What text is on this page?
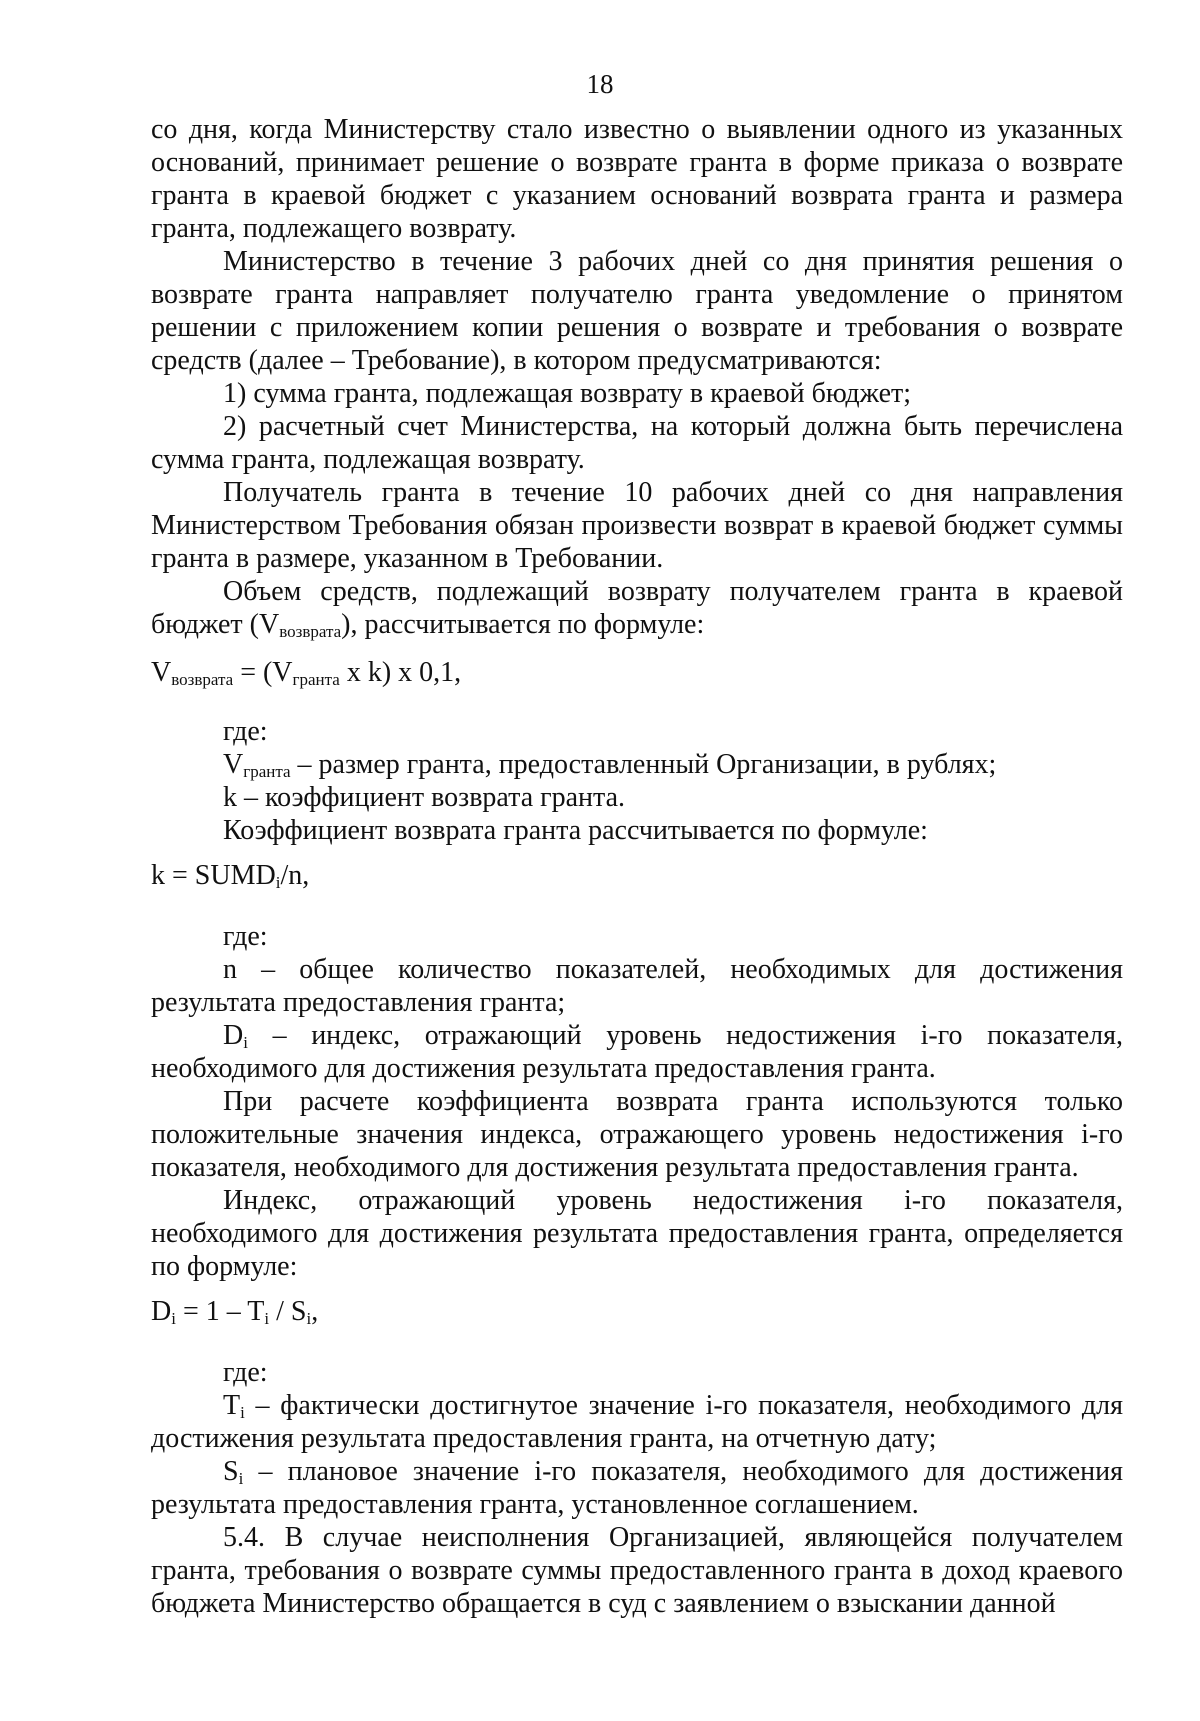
18

со дня, когда Министерству стало известно о выявлении одного из указанных оснований, принимает решение о возврате гранта в форме приказа о возврате гранта в краевой бюджет с указанием оснований возврата гранта и размера гранта, подлежащего возврату.

Министерство в течение 3 рабочих дней со дня принятия решения о возврате гранта направляет получателю гранта уведомление о принятом решении с приложением копии решения о возврате и требования о возврате средств (далее – Требование), в котором предусматриваются:

1) сумма гранта, подлежащая возврату в краевой бюджет;

2) расчетный счет Министерства, на который должна быть перечислена сумма гранта, подлежащая возврату.

Получатель гранта в течение 10 рабочих дней со дня направления Министерством Требования обязан произвести возврат в краевой бюджет суммы гранта в размере, указанном в Требовании.

Объем средств, подлежащий возврату получателем гранта в краевой бюджет $(V_{возврата})$, рассчитывается по формуле:

$V_{возврата} = (V_{гранта}$ x k) x 0,1,

где:

$V_{гранта}$ – размер гранта, предоставленный Организации, в рублях;

k – коэффициент возврата гранта.

Коэффициент возврата гранта рассчитывается по формуле:

$k = SUMD_i/n$,

где:

n – общее количество показателей, необходимых для достижения результата предоставления гранта;

$D_i$ – индекс, отражающий уровень недостижения i-го показателя, необходимого для достижения результата предоставления гранта.

При расчете коэффициента возврата гранта используются только положительные значения индекса, отражающего уровень недостижения i-го показателя, необходимого для достижения результата предоставления гранта.

Индекс, отражающий уровень недостижения i-го показателя, необходимого для достижения результата предоставления гранта, определяется по формуле:

$D_i = 1 - T_i / S_i$,

где:

$T_i$ – фактически достигнутое значение i-го показателя, необходимого для достижения результата предоставления гранта, на отчетную дату;

$S_i$ – плановое значение i-го показателя, необходимого для достижения результата предоставления гранта, установленное соглашением.

5.4. В случае неисполнения Организацией, являющейся получателем гранта, требования о возврате суммы предоставленного гранта в доход краевого бюджета Министерство обращается в суд с заявлением о взыскании данной
